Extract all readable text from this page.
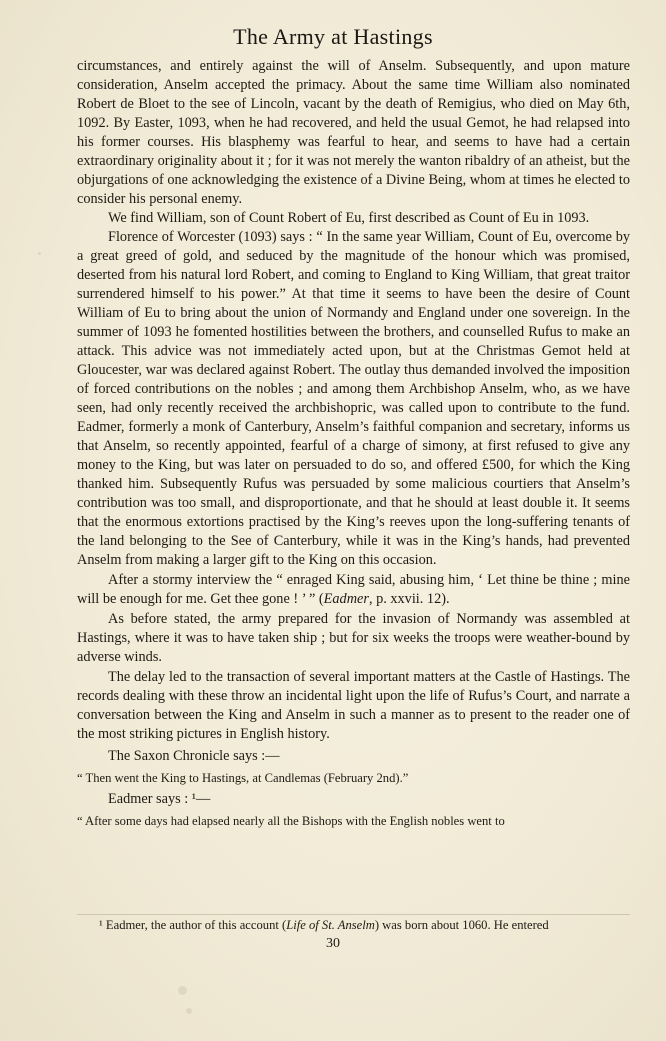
The Army at Hastings

circumstances, and entirely against the will of Anselm. Subsequently, and upon mature consideration, Anselm accepted the primacy. About the same time William also nominated Robert de Bloet to the see of Lincoln, vacant by the death of Remigius, who died on May 6th, 1092. By Easter, 1093, when he had recovered, and held the usual Gemot, he had relapsed into his former courses. His blasphemy was fearful to hear, and seems to have had a certain extraordinary originality about it ; for it was not merely the wanton ribaldry of an atheist, but the objurgations of one acknowledging the existence of a Divine Being, whom at times he elected to consider his personal enemy.

We find William, son of Count Robert of Eu, first described as Count of Eu in 1093.

Florence of Worcester (1093) says : “ In the same year William, Count of Eu, overcome by a great greed of gold, and seduced by the magnitude of the honour which was promised, deserted from his natural lord Robert, and coming to England to King William, that great traitor surrendered himself to his power.” At that time it seems to have been the desire of Count William of Eu to bring about the union of Normandy and England under one sovereign. In the summer of 1093 he fomented hostilities between the brothers, and counselled Rufus to make an attack. This advice was not immediately acted upon, but at the Christmas Gemot held at Gloucester, war was declared against Robert. The outlay thus demanded involved the imposition of forced contributions on the nobles ; and among them Archbishop Anselm, who, as we have seen, had only recently received the archbishopric, was called upon to contribute to the fund. Eadmer, formerly a monk of Canterbury, Anselm’s faithful companion and secretary, informs us that Anselm, so recently appointed, fearful of a charge of simony, at first refused to give any money to the King, but was later on persuaded to do so, and offered £500, for which the King thanked him. Subsequently Rufus was persuaded by some malicious courtiers that Anselm’s contribution was too small, and disproportionate, and that he should at least double it. It seems that the enormous extortions practised by the King’s reeves upon the long-suffering tenants of the land belonging to the See of Canterbury, while it was in the King’s hands, had prevented Anselm from making a larger gift to the King on this occasion.

After a stormy interview the “ enraged King said, abusing him, ‘ Let thine be thine ; mine will be enough for me. Get thee gone ! ’ ” (Eadmer, p. xxvii. 12).

As before stated, the army prepared for the invasion of Normandy was assembled at Hastings, where it was to have taken ship ; but for six weeks the troops were weather-bound by adverse winds.

The delay led to the transaction of several important matters at the Castle of Hastings. The records dealing with these throw an incidental light upon the life of Rufus’s Court, and narrate a conversation between the King and Anselm in such a manner as to present to the reader one of the most striking pictures in English history.

The Saxon Chronicle says :—

“ Then went the King to Hastings, at Candlemas (February 2nd).”

Eadmer says : ¹—

“ After some days had elapsed nearly all the Bishops with the English nobles went to

¹ Eadmer, the author of this account (Life of St. Anselm) was born about 1060. He entered
30
